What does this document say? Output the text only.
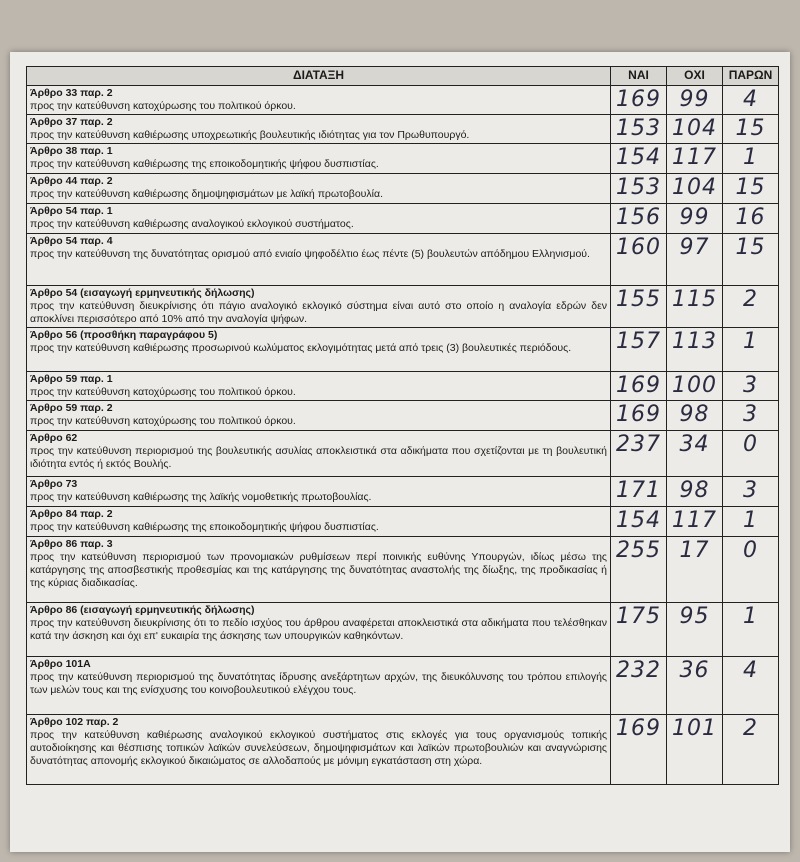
ΔΙΑΤΑΞΗ	ΝΑΙ	ΟΧΙ	ΠΑΡΩΝ

Άρθρο 33 παρ. 2
προς την κατεύθυνση κατοχύρωσης του πολιτικού όρκου.	169	99	4

Άρθρο 37 παρ. 2
προς την κατεύθυνση καθιέρωσης υποχρεωτικής βουλευτικής ιδιότητας για τον Πρωθυπουργό.	153	104	15

Άρθρο 38 παρ. 1
προς την κατεύθυνση καθιέρωσης της εποικοδομητικής ψήφου δυσπιστίας.	154	117	1

Άρθρο 44 παρ. 2
προς την κατεύθυνση καθιέρωσης δημοψηφισμάτων με λαϊκή πρωτοβουλία.	153	104	15

Άρθρο 54 παρ. 1
προς την κατεύθυνση καθιέρωσης αναλογικού εκλογικού συστήματος.	156	99	16

Άρθρο 54 παρ. 4
προς την κατεύθυνση της δυνατότητας ορισμού από ενιαίο ψηφοδέλτιο έως πέντε (5) βουλευτών απόδημου Ελληνισμού.	160	97	15

Άρθρο 54 (εισαγωγή ερμηνευτικής δήλωσης)
προς την κατεύθυνση διευκρίνισης ότι πάγιο αναλογικό εκλογικό σύστημα είναι αυτό στο οποίο η αναλογία εδρών δεν αποκλίνει περισσότερο από 10% από την αναλογία ψήφων.	155	115	2

Άρθρο 56 (προσθήκη παραγράφου 5)
προς την κατεύθυνση καθιέρωσης προσωρινού κωλύματος εκλογιμότητας μετά από τρεις (3) βουλευτικές περιόδους.	157	113	1

Άρθρο 59 παρ. 1
προς την κατεύθυνση κατοχύρωσης του πολιτικού όρκου.	169	100	3

Άρθρο 59 παρ. 2
προς την κατεύθυνση κατοχύρωσης του πολιτικού όρκου.	169	98	3

Άρθρο 62
προς την κατεύθυνση περιορισμού της βουλευτικής ασυλίας αποκλειστικά στα αδικήματα που σχετίζονται με τη βουλευτική ιδιότητα εντός ή εκτός Βουλής.	237	34	0

Άρθρο 73
προς την κατεύθυνση καθιέρωσης της λαϊκής νομοθετικής πρωτοβουλίας.	171	98	3

Άρθρο 84 παρ. 2
προς την κατεύθυνση καθιέρωσης της εποικοδομητικής ψήφου δυσπιστίας.	154	117	1

Άρθρο 86 παρ. 3
προς την κατεύθυνση περιορισμού των προνομιακών ρυθμίσεων περί ποινικής ευθύνης Υπουργών, ιδίως μέσω της κατάργησης της αποσβεστικής προθεσμίας και της κατάργησης της δυνατότητας αναστολής της δίωξης, της προδικασίας ή της κύριας διαδικασίας.	255	17	0

Άρθρο 86 (εισαγωγή ερμηνευτικής δήλωσης)
προς την κατεύθυνση διευκρίνισης ότι το πεδίο ισχύος του άρθρου αναφέρεται αποκλειστικά στα αδικήματα που τελέσθηκαν κατά την άσκηση και όχι επ' ευκαιρία της άσκησης των υπουργικών καθηκόντων.	175	95	1

Άρθρο 101Α
προς την κατεύθυνση περιορισμού της δυνατότητας ίδρυσης ανεξάρτητων αρχών, της διευκόλυνσης του τρόπου επιλογής των μελών τους και της ενίσχυσης του κοινοβουλευτικού ελέγχου τους.	232	36	4

Άρθρο 102 παρ. 2
προς την κατεύθυνση καθιέρωσης αναλογικού εκλογικού συστήματος στις εκλογές για τους οργανισμούς τοπικής αυτοδιοίκησης και θέσπισης τοπικών λαϊκών συνελεύσεων, δημοψηφισμάτων και λαϊκών πρωτοβουλιών και αναγνώρισης δυνατότητας απονομής εκλογικού δικαιώματος σε αλλοδαπούς με μόνιμη εγκατάσταση στη χώρα.	169	101	2
